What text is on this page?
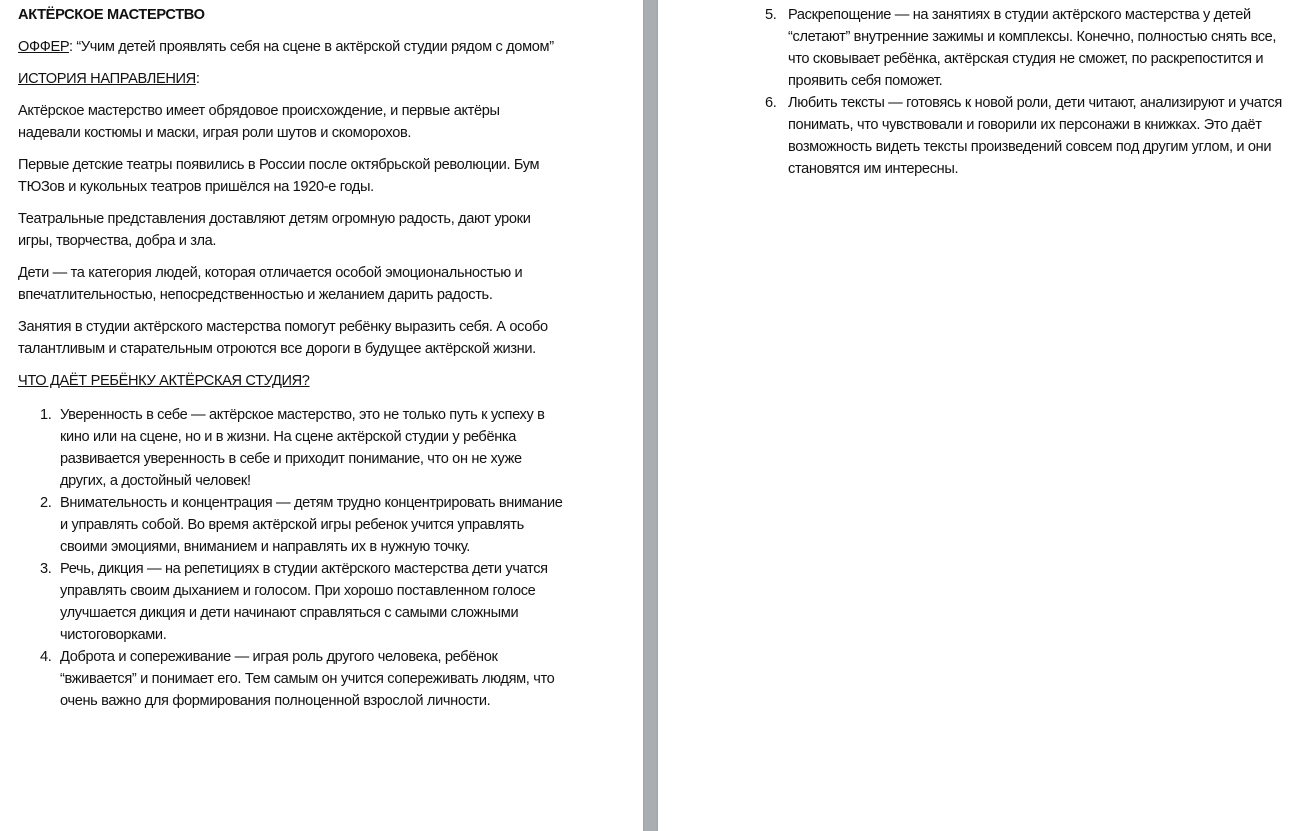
АКТЁРСКОЕ МАСТЕРСТВО

ОФФЕР: “Учим детей проявлять себя на сцене в актёрской студии рядом с домом”

ИСТОРИЯ НАПРАВЛЕНИЯ:

Актёрское мастерство имеет обрядовое происхождение, и первые актёры надевали костюмы и маски, играя роли шутов и скоморохов.

Первые детские театры появились в России после октябрьской революции. Бум ТЮЗов и кукольных театров пришёлся на 1920-е годы.

Театральные представления доставляют детям огромную радость, дают уроки игры, творчества, добра и зла.

Дети — та категория людей, которая отличается особой эмоциональностью и впечатлительностью, непосредственностью и желанием дарить радость.

Занятия в студии актёрского мастерства помогут ребёнку выразить себя. А особо талантливым и старательным отроются все дороги в будущее актёрской жизни.

ЧТО ДАЁТ РЕБЁНКУ АКТЁРСКАЯ СТУДИЯ?

1. Уверенность в себе — актёрское мастерство, это не только путь к успеху в кино или на сцене, но и в жизни. На сцене актёрской студии у ребёнка развивается уверенность в себе и приходит понимание, что он не хуже других, а достойный человек!
2. Внимательность и концентрация — детям трудно концентрировать внимание и управлять собой. Во время актёрской игры ребенок учится управлять своими эмоциями, вниманием и направлять их в нужную точку.
3. Речь, дикция — на репетициях в студии актёрского мастерства дети учатся управлять своим дыханием и голосом. При хорошо поставленном голосе улучшается дикция и дети начинают справляться с самыми сложными чистоговорками.
4. Доброта и сопереживание — играя роль другого человека, ребёнок “вживается” и понимает его. Тем самым он учится сопереживать людям, что очень важно для формирования полноценной взрослой личности.
5. Раскрепощение — на занятиях в студии актёрского мастерства у детей “слетают” внутренние зажимы и комплексы. Конечно, полностью снять все, что сковывает ребёнка, актёрская студия не сможет, по раскрепостится и проявить себя поможет.
6. Любить тексты — готовясь к новой роли, дети читают, анализируют и учатся понимать, что чувствовали и говорили их персонажи в книжках. Это даёт возможность видеть тексты произведений совсем под другим углом, и они становятся им интересны.
